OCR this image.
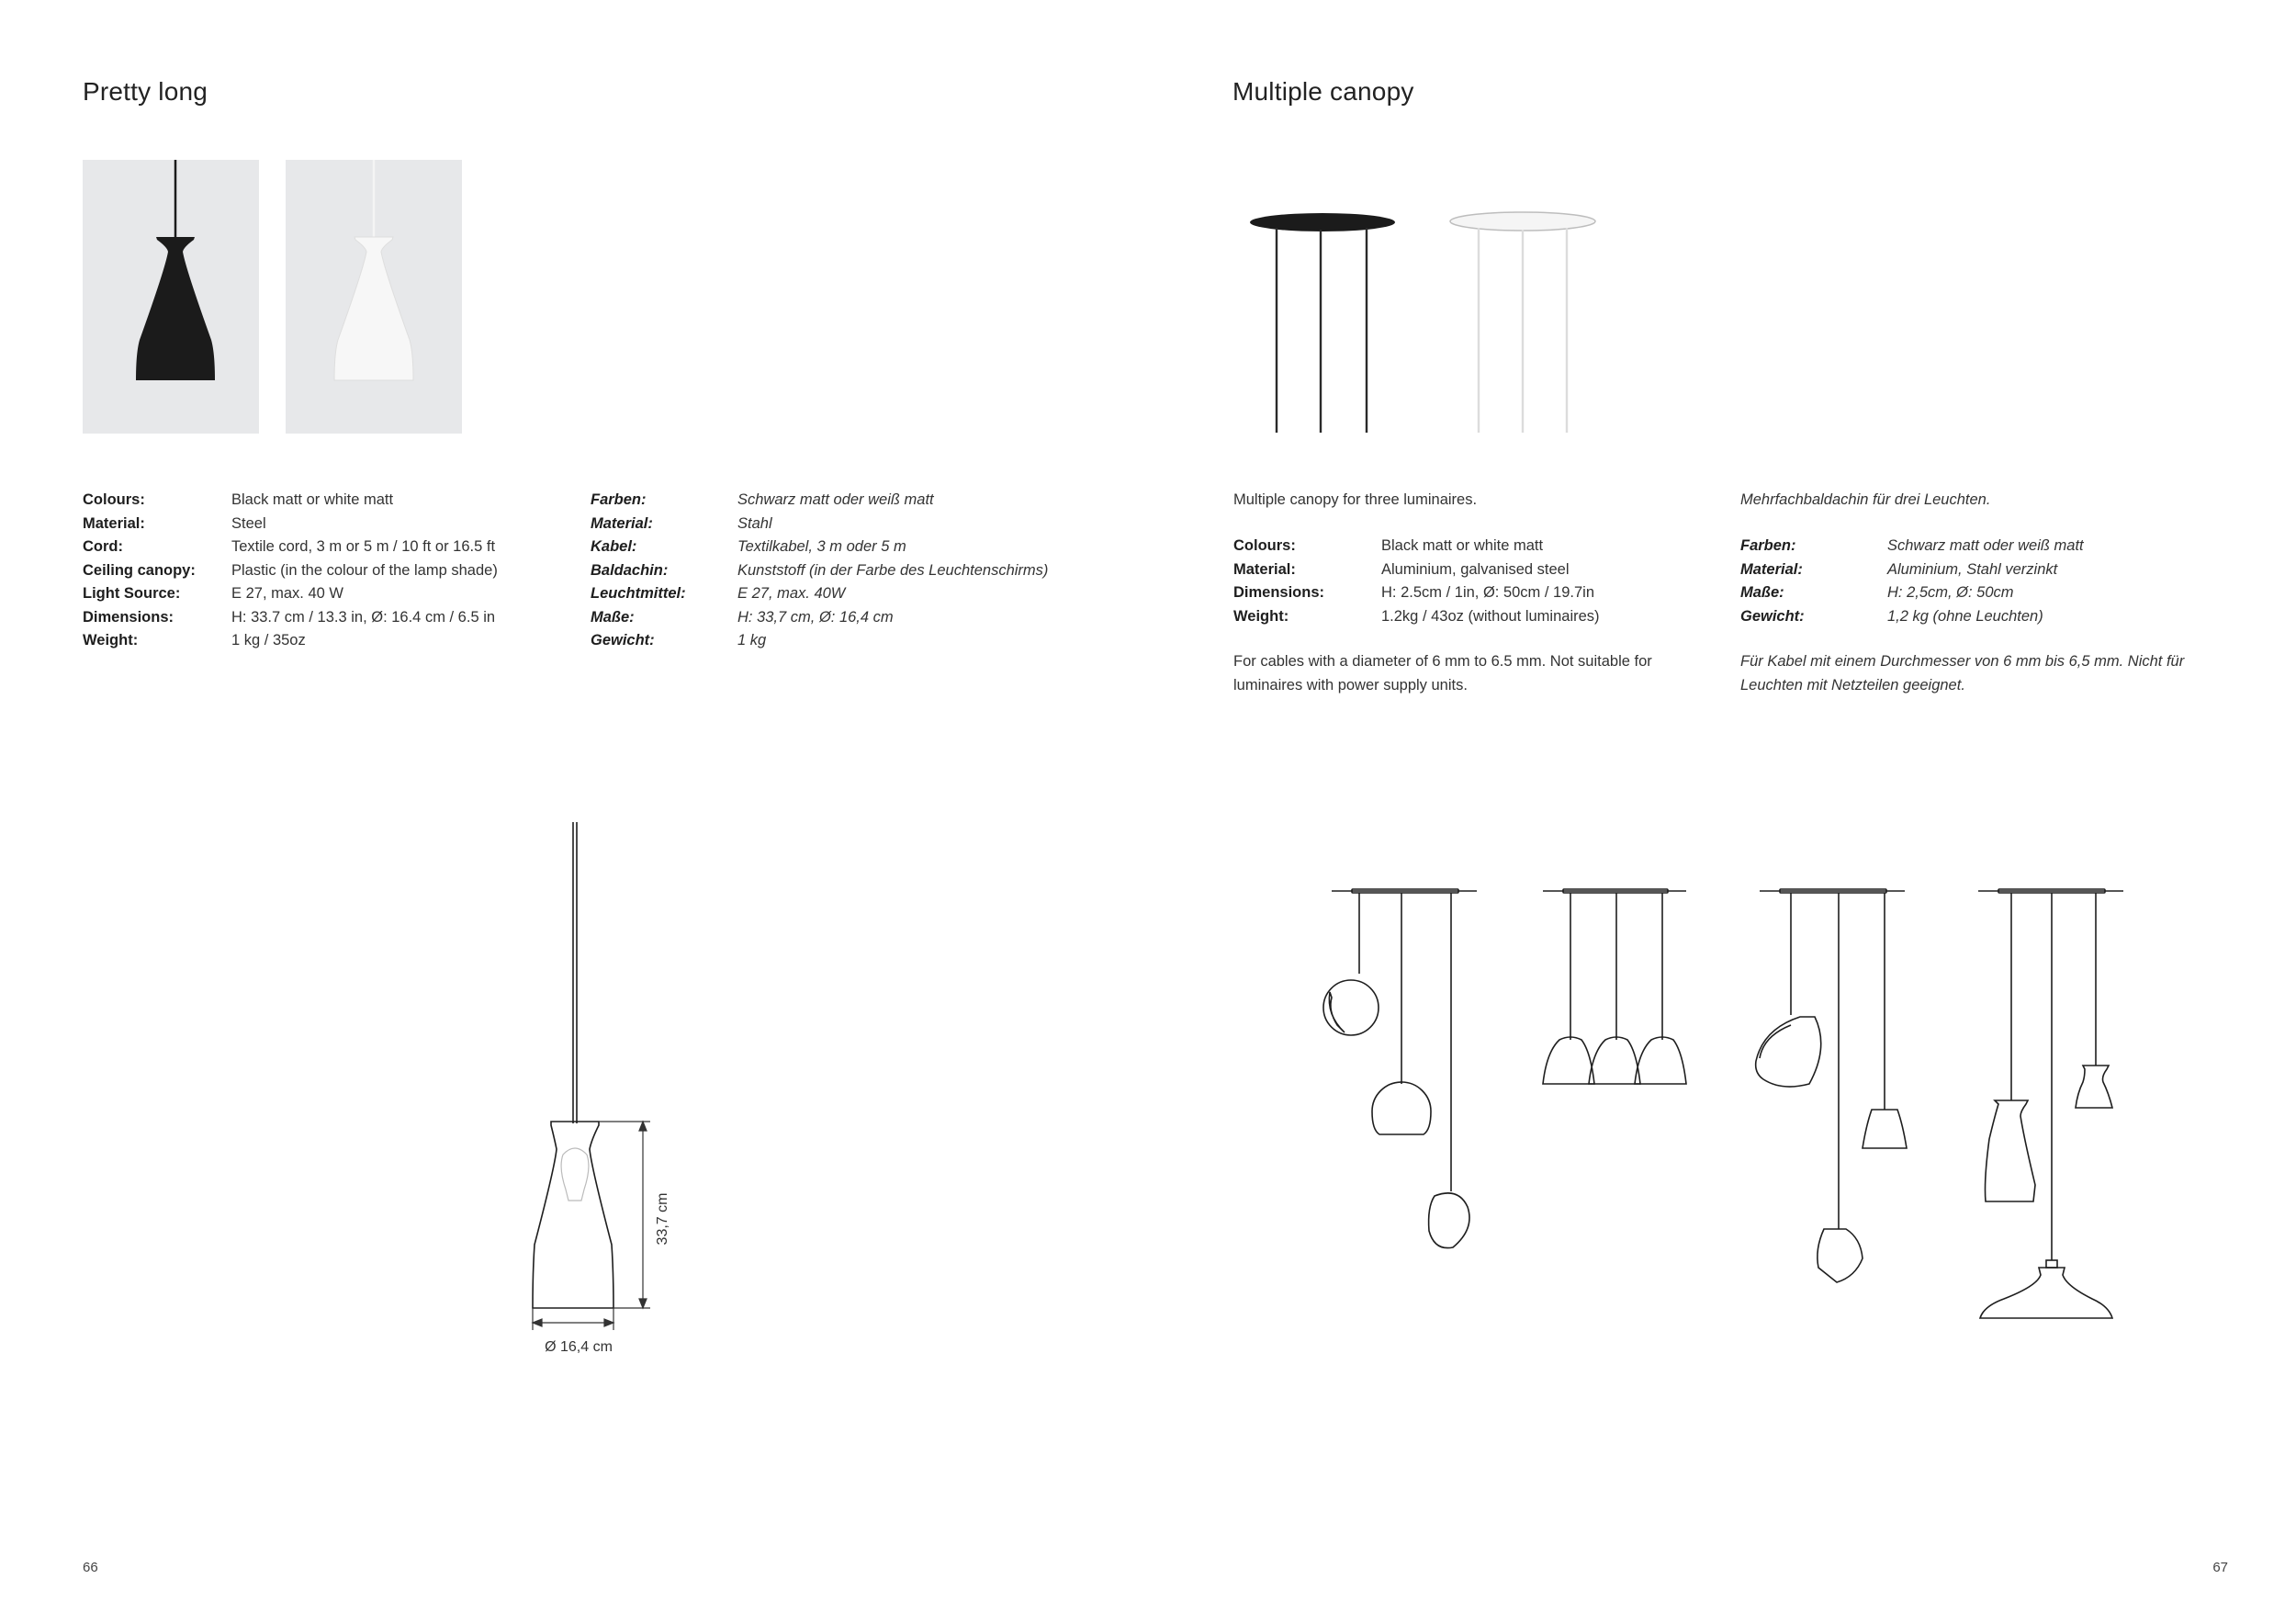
Pretty long
Colours:	Black matt or white matt
Material:	Steel
Cord:	Textile cord, 3 m or 5 m / 10 ft or 16.5 ft
Ceiling canopy:	Plastic (in the colour of the lamp shade)
Light Source:	E 27, max. 40 W
Dimensions:	H: 33.7 cm / 13.3 in, Ø: 16.4 cm / 6.5 in
Weight:	1 kg / 35oz
Farben:	Schwarz matt oder weiß matt
Material:	Stahl
Kabel:	Textilkabel, 3 m oder 5 m
Baldachin:	Kunststoff (in der Farbe des Leuchtenschirms)
Leuchtmittel:	E 27, max. 40W
Maße:	H: 33,7 cm, Ø: 16,4 cm
Gewicht:	1 kg
33,7 cm
Ø 16,4 cm
66
Multiple canopy
Multiple canopy for three luminaires.	Mehrfachbaldachin für drei Leuchten.
Colours:	Black matt or white matt
Material:	Aluminium, galvanised steel
Dimensions:	H: 2.5cm / 1in, Ø: 50cm / 19.7in
Weight:	1.2kg / 43oz (without luminaires)
Farben:	Schwarz matt oder weiß matt
Material:	Aluminium, Stahl verzinkt
Maße:	H: 2,5cm, Ø: 50cm
Gewicht:	1,2 kg (ohne Leuchten)
For cables with a diameter of 6 mm to 6.5 mm. Not suitable for luminaires with power supply units.
Für Kabel mit einem Durchmesser von 6 mm bis 6,5 mm. Nicht für Leuchten mit Netzteilen geeignet.
67
